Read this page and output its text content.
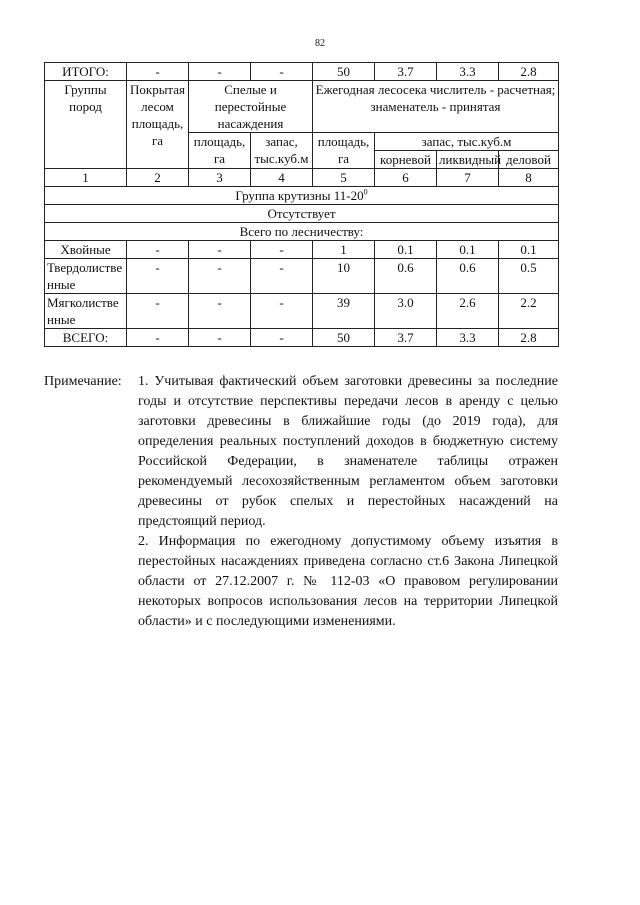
82
ИТОГО:	-	-	-	50	3.7	3.3	2.8
Группы пород	Покрытая лесом площадь, га	Спелые и перестойные насаждения		Ежегодная лесосека числитель - расчетная; знаменатель - принятая			
		площадь, га	запас, тыс.куб.м	площадь, га	запас, тыс.куб.м		
					корневой	ликвидный	деловой
1	2	3	4	5	6	7	8
Группа крутизны $11-20^0$
Отсутствует							
Всего по лесничеству:							
Хвойные	-	-	-	1	0.1	0.1	0.1
Твердолиственные	-	-	-	10	0.6	0.6	0.5
Мягколиственные	-	-	-	39	3.0	2.6	2.2
ВСЕГО:	-	-	-	50	3.7	3.3	2.8
Примечание: 1. Учитывая фактический объем заготовки древесины за последние годы и отсутствие перспективы передачи лесов в аренду с целью заготовки древесины в ближайшие годы (до 2019 года), для определения реальных поступлений доходов в бюджетную систему Российской Федерации, в знаменателе таблицы отражен рекомендуемый лесохозяйственным регламентом объем заготовки древесины от рубок спелых и перестойных насаждений на предстоящий период.

2. Информация по ежегодному допустимому объему изъятия в перестойных насаждениях приведена согласно ст.6 Закона Липецкой области от 27.12.2007 г. № 112-03 «О правовом регулировании некоторых вопросов использования лесов на территории Липецкой области» и с последующими изменениями.
